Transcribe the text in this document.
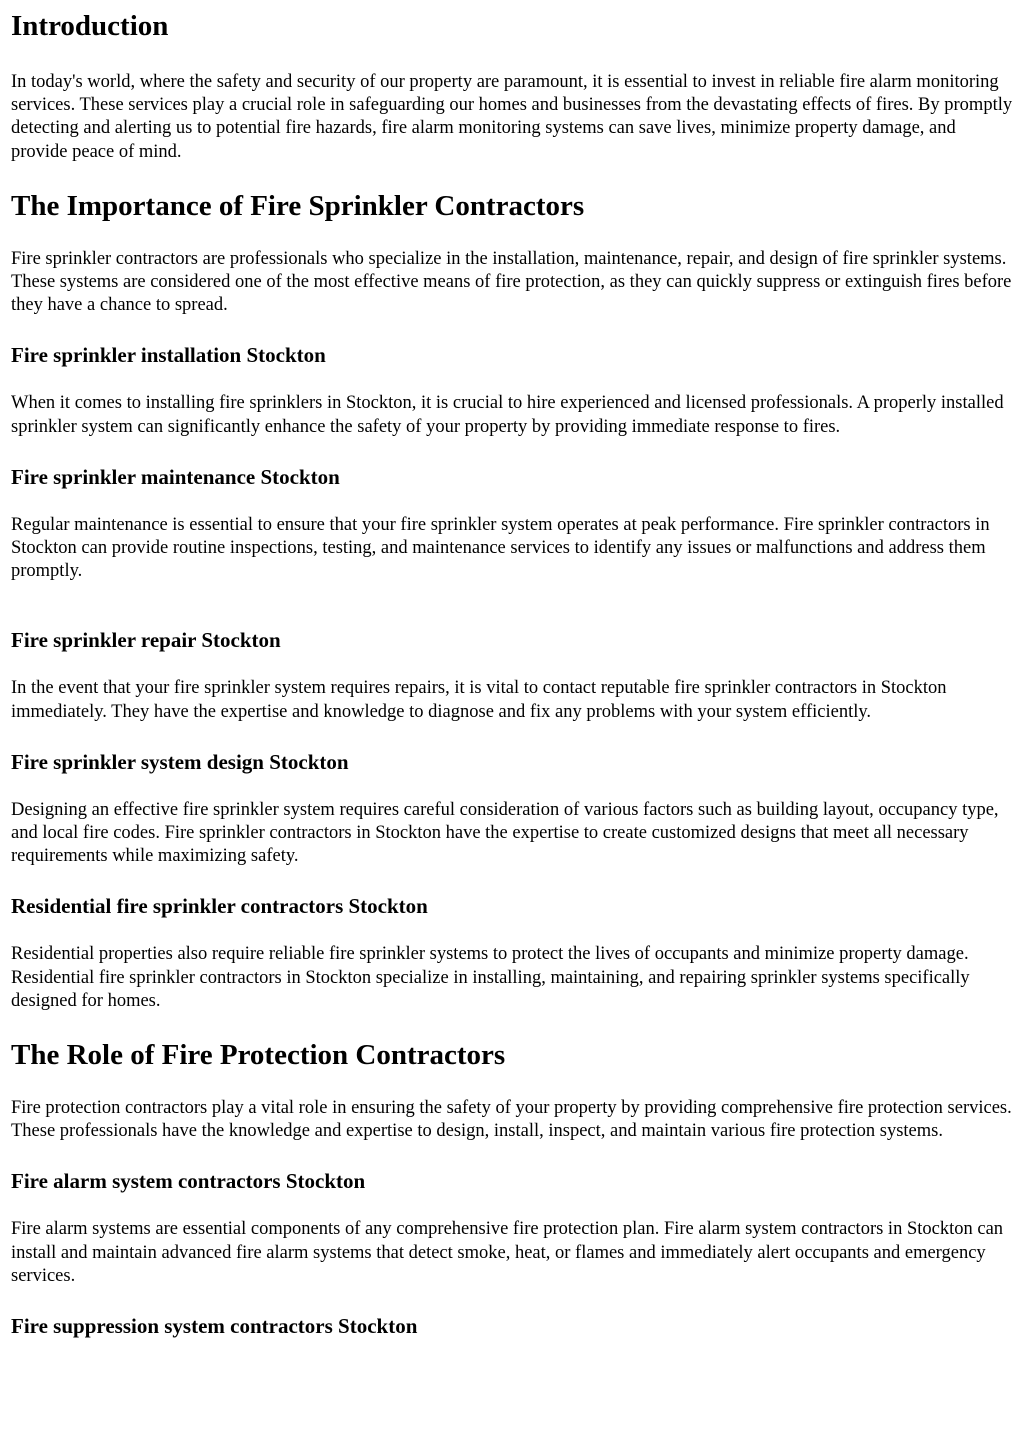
Introduction

In today's world, where the safety and security of our property are paramount, it is essential to invest in reliable fire alarm monitoring services. These services play a crucial role in safeguarding our homes and businesses from the devastating effects of fires. By promptly detecting and alerting us to potential fire hazards, fire alarm monitoring systems can save lives, minimize property damage, and provide peace of mind.

The Importance of Fire Sprinkler Contractors

Fire sprinkler contractors are professionals who specialize in the installation, maintenance, repair, and design of fire sprinkler systems. These systems are considered one of the most effective means of fire protection, as they can quickly suppress or extinguish fires before they have a chance to spread.

Fire sprinkler installation Stockton

When it comes to installing fire sprinklers in Stockton, it is crucial to hire experienced and licensed professionals. A properly installed sprinkler system can significantly enhance the safety of your property by providing immediate response to fires.

Fire sprinkler maintenance Stockton

Regular maintenance is essential to ensure that your fire sprinkler system operates at peak performance. Fire sprinkler contractors in Stockton can provide routine inspections, testing, and maintenance services to identify any issues or malfunctions and address them promptly.

Fire sprinkler repair Stockton

In the event that your fire sprinkler system requires repairs, it is vital to contact reputable fire sprinkler contractors in Stockton immediately. They have the expertise and knowledge to diagnose and fix any problems with your system efficiently.

Fire sprinkler system design Stockton

Designing an effective fire sprinkler system requires careful consideration of various factors such as building layout, occupancy type, and local fire codes. Fire sprinkler contractors in Stockton have the expertise to create customized designs that meet all necessary requirements while maximizing safety.

Residential fire sprinkler contractors Stockton

Residential properties also require reliable fire sprinkler systems to protect the lives of occupants and minimize property damage. Residential fire sprinkler contractors in Stockton specialize in installing, maintaining, and repairing sprinkler systems specifically designed for homes.

The Role of Fire Protection Contractors

Fire protection contractors play a vital role in ensuring the safety of your property by providing comprehensive fire protection services. These professionals have the knowledge and expertise to design, install, inspect, and maintain various fire protection systems.

Fire alarm system contractors Stockton

Fire alarm systems are essential components of any comprehensive fire protection plan. Fire alarm system contractors in Stockton can install and maintain advanced fire alarm systems that detect smoke, heat, or flames and immediately alert occupants and emergency services.

Fire suppression system contractors Stockton
